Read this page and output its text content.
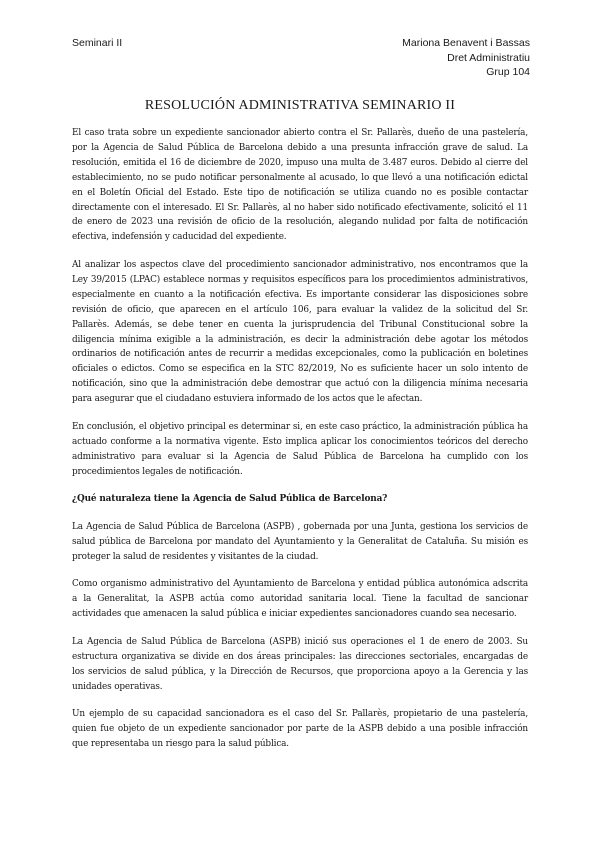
Seminari II	Mariona Benavent i Bassas
Dret Administratiu
Grup 104
RESOLUCIÓN ADMINISTRATIVA SEMINARIO II

El caso trata sobre un expediente sancionador abierto contra el Sr. Pallarès, dueño de una pastelería, por la Agencia de Salud Pública de Barcelona debido a una presunta infracción grave de salud. La resolución, emitida el 16 de diciembre de 2020, impuso una multa de 3.487 euros. Debido al cierre del establecimiento, no se pudo notificar personalmente al acusado, lo que llevó a una notificación edictal en el Boletín Oficial del Estado. Este tipo de notificación se utiliza cuando no es posible contactar directamente con el interesado. El Sr. Pallarès, al no haber sido notificado efectivamente, solicitó el 11 de enero de 2023 una revisión de oficio de la resolución, alegando nulidad por falta de notificación efectiva, indefensión y caducidad del expediente.

Al analizar los aspectos clave del procedimiento sancionador administrativo, nos encontramos que la Ley 39/2015 (LPAC) establece normas y requisitos específicos para los procedimientos administrativos, especialmente en cuanto a la notificación efectiva. Es importante considerar las disposiciones sobre revisión de oficio, que aparecen en el artículo 106, para evaluar la validez de la solicitud del Sr. Pallarès. Además, se debe tener en cuenta la jurisprudencia del Tribunal Constitucional sobre la diligencia mínima exigible a la administración, es decir la administración debe agotar los métodos ordinarios de notificación antes de recurrir a medidas excepcionales, como la publicación en boletines oficiales o edictos. Como se especifica en la STC 82/2019, No es suficiente hacer un solo intento de notificación, sino que la administración debe demostrar que actuó con la diligencia mínima necesaria para asegurar que el ciudadano estuviera informado de los actos que le afectan.

En conclusión, el objetivo principal es determinar si, en este caso práctico, la administración pública ha actuado conforme a la normativa vigente. Esto implica aplicar los conocimientos teóricos del derecho administrativo para evaluar si la Agencia de Salud Pública de Barcelona ha cumplido con los procedimientos legales de notificación.

¿Qué naturaleza tiene la Agencia de Salud Pública de Barcelona?

La Agencia de Salud Pública de Barcelona (ASPB) , gobernada por una Junta, gestiona los servicios de salud pública de Barcelona por mandato del Ayuntamiento y la Generalitat de Cataluña. Su misión es proteger la salud de residentes y visitantes de la ciudad.

Como organismo administrativo del Ayuntamiento de Barcelona y entidad pública autonómica adscrita a la Generalitat, la ASPB actúa como autoridad sanitaria local. Tiene la facultad de sancionar actividades que amenacen la salud pública e iniciar expedientes sancionadores cuando sea necesario.

La Agencia de Salud Pública de Barcelona (ASPB) inició sus operaciones el 1 de enero de 2003. Su estructura organizativa se divide en dos áreas principales: las direcciones sectoriales, encargadas de los servicios de salud pública, y la Dirección de Recursos, que proporciona apoyo a la Gerencia y las unidades operativas.

Un ejemplo de su capacidad sancionadora es el caso del Sr. Pallarès, propietario de una pastelería, quien fue objeto de un expediente sancionador por parte de la ASPB debido a una posible infracción que representaba un riesgo para la salud pública.
